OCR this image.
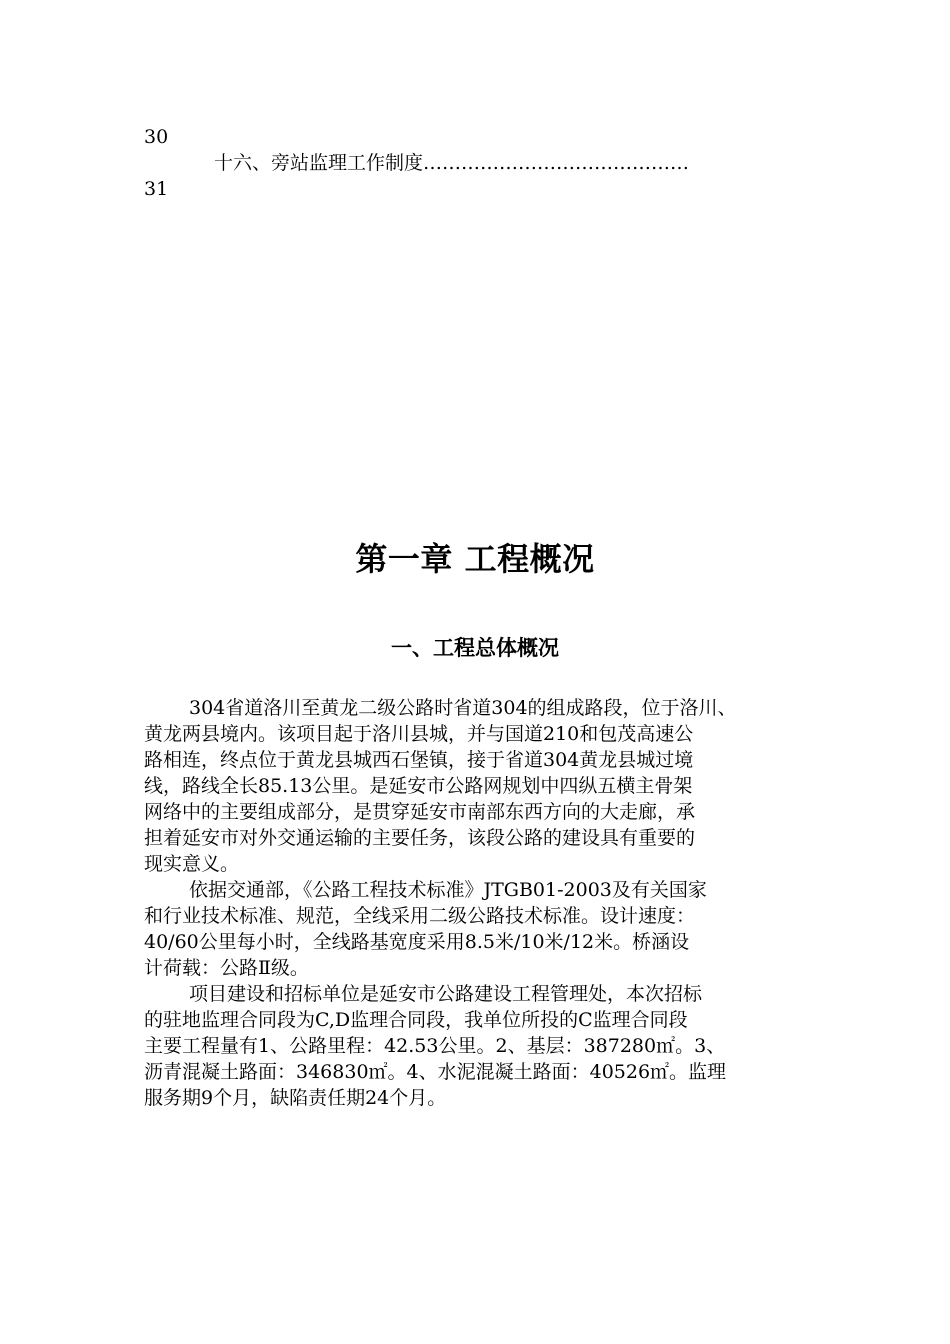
30
十六、旁站监理工作制度……………………………………
31
第一章 工程概况
一、工程总体概况
304省道洛川至黄龙二级公路时省道304的组成路段，位于洛川、
黄龙两县境内。该项目起于洛川县城，并与国道210和包茂高速公
路相连，终点位于黄龙县城西石堡镇，接于省道304黄龙县城过境
线，路线全长85.13公里。是延安市公路网规划中四纵五横主骨架
网络中的主要组成部分，是贯穿延安市南部东西方向的大走廊，承
担着延安市对外交通运输的主要任务，该段公路的建设具有重要的
现实意义。
依据交通部，《公路工程技术标准》JTGB01-2003及有关国家
和行业技术标准、规范，全线采用二级公路技术标准。设计速度：
40/60公里每小时，全线路基宽度采用8.5米/10米/12米。桥涵设
计荷载：公路Ⅱ级。
项目建设和招标单位是延安市公路建设工程管理处，本次招标
的驻地监理合同段为C,D监理合同段，我单位所投的C监理合同段
主要工程量有1、公路里程：42.53公里。2、基层：387280㎡。3、
沥青混凝土路面：346830㎡。4、水泥混凝土路面：40526㎡。监理
服务期9个月，缺陷责任期24个月。
